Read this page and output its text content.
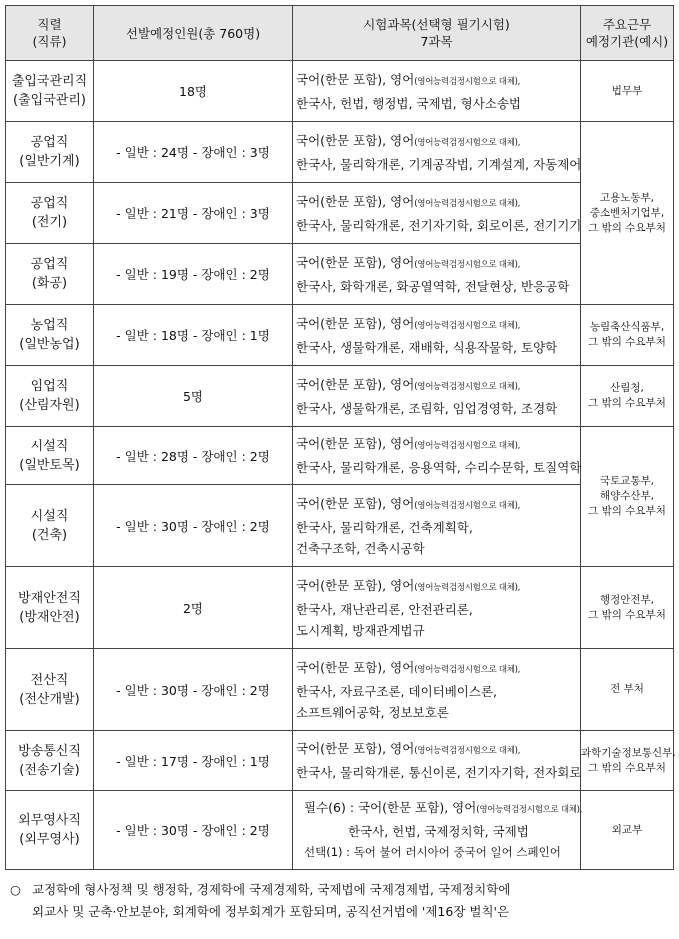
직렬
(직류)	선발예정인원(총 760명)	시험과목(선택형 필기시험)
7과목	주요근무
예정기관(예시)

출입국관리직
(출입국관리)	18명	국어(한문 포함), 영어(영어능력검정시험으로 대체),
한국사, 헌법, 행정법, 국제법, 형사소송법	법무부

공업직
(일반기계)	- 일반 : 24명 - 장애인 : 3명	국어(한문 포함), 영어(영어능력검정시험으로 대체),
한국사, 물리학개론, 기계공작법, 기계설계, 자동제어	고용노동부,
중소벤처기업부,
그 밖의 수요부처

공업직
(전기)	- 일반 : 21명 - 장애인 : 3명	국어(한문 포함), 영어(영어능력검정시험으로 대체),
한국사, 물리학개론, 전기자기학, 회로이론, 전기기기	

공업직
(화공)	- 일반 : 19명 - 장애인 : 2명	국어(한문 포함), 영어(영어능력검정시험으로 대체),
한국사, 화학개론, 화공열역학, 전달현상, 반응공학	

농업직
(일반농업)	- 일반 : 18명 - 장애인 : 1명	국어(한문 포함), 영어(영어능력검정시험으로 대체),
한국사, 생물학개론, 재배학, 식용작물학, 토양학	농림축산식품부,
그 밖의 수요부처

임업직
(산림자원)	5명	국어(한문 포함), 영어(영어능력검정시험으로 대체),
한국사, 생물학개론, 조림학, 임업경영학, 조경학	산림청,
그 밖의 수요부처

시설직
(일반토목)	- 일반 : 28명 - 장애인 : 2명	국어(한문 포함), 영어(영어능력검정시험으로 대체),
한국사, 물리학개론, 응용역학, 수리수문학, 토질역학	국토교통부,
해양수산부,
그 밖의 수요부처

시설직
(건축)	- 일반 : 30명 - 장애인 : 2명	국어(한문 포함), 영어(영어능력검정시험으로 대체),
한국사, 물리학개론, 건축계획학,
건축구조학, 건축시공학	

방재안전직
(방재안전)	2명	국어(한문 포함), 영어(영어능력검정시험으로 대체),
한국사, 재난관리론, 안전관리론,
도시계획, 방재관계법규	행정안전부,
그 밖의 수요부처

전산직
(전산개발)	- 일반 : 30명 - 장애인 : 2명	국어(한문 포함), 영어(영어능력검정시험으로 대체),
한국사, 자료구조론, 데이터베이스론,
소프트웨어공학, 정보보호론	전 부처

방송통신직
(전송기술)	- 일반 : 17명 - 장애인 : 1명	국어(한문 포함), 영어(영어능력검정시험으로 대체),
한국사, 물리학개론, 통신이론, 전기자기학, 전자회로	과학기술정보통신부,
그 밖의 수요부처

외무영사직
(외무영사)	- 일반 : 30명 - 장애인 : 2명	필수(6) : 국어(한문 포함), 영어(영어능력검정시험으로 대체),
한국사, 헌법, 국제정치학, 국제법
선택(1) : 독어 불어 러시아어 중국어 일어 스페인어	외교부
○ 교정학에 형사정책 및 행정학, 경제학에 국제경제학, 국제법에 국제경제법, 국제정치학에
외교사 및 군축·안보분야, 회계학에 정부회계가 포함되며, 공직선거법에 '제16장 벌칙'은
